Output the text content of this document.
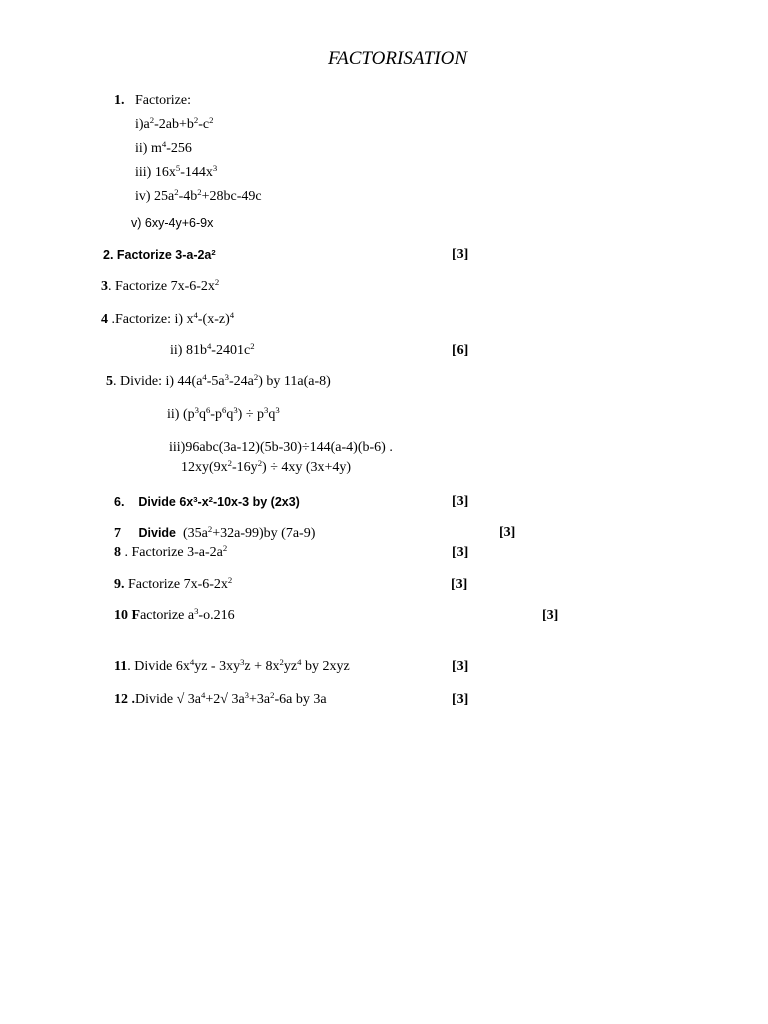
FACTORISATION
1. Factorize:
$i)a^2-2ab+b^2-c^2$
ii) $m^4-256$
iii) $16x^5-144x^3$
iv) $25a^2-4b^2+28bc-49c$
v) 6xy-4y+6-9x
2. Factorize $3-a-2a^2$	[3]
3. Factorize $7x-6-2x^2$
4 .Factorize: i) $x^4-(x-z)^4$
ii) $81b^4-2401c^2$	[6]
5. Divide: i) $44(a^4-5a^3-24a^2)$ by 11a(a-8)
ii) $(p^3q^6-p^6q^3) \div p^3q^3$
iii)96abc(3a-12)(5b-30)÷144(a-4)(b-6) .
$12xy(9x^2-16y^2) \div 4xy$ (3x+4y)
6. Divide $6x^3-x^2-10x-3$ by (2x3)	[3]
7 Divide $(35a^2+32a-99)by$ (7a-9)	[3]
8 . Factorize $3-a-2a^2$	[3]
9. Factorize $7x-6-2x^2$	[3]
10 Factorize $a^3-o.216$	[3]
11. Divide $6x^4yz - 3xy^3z + 8x^2yz^4$ by 2xyz	[3]
12 .Divide √ $3a^4+2√$ $3a^3+3a^2-6a$ by 3a	[3]
